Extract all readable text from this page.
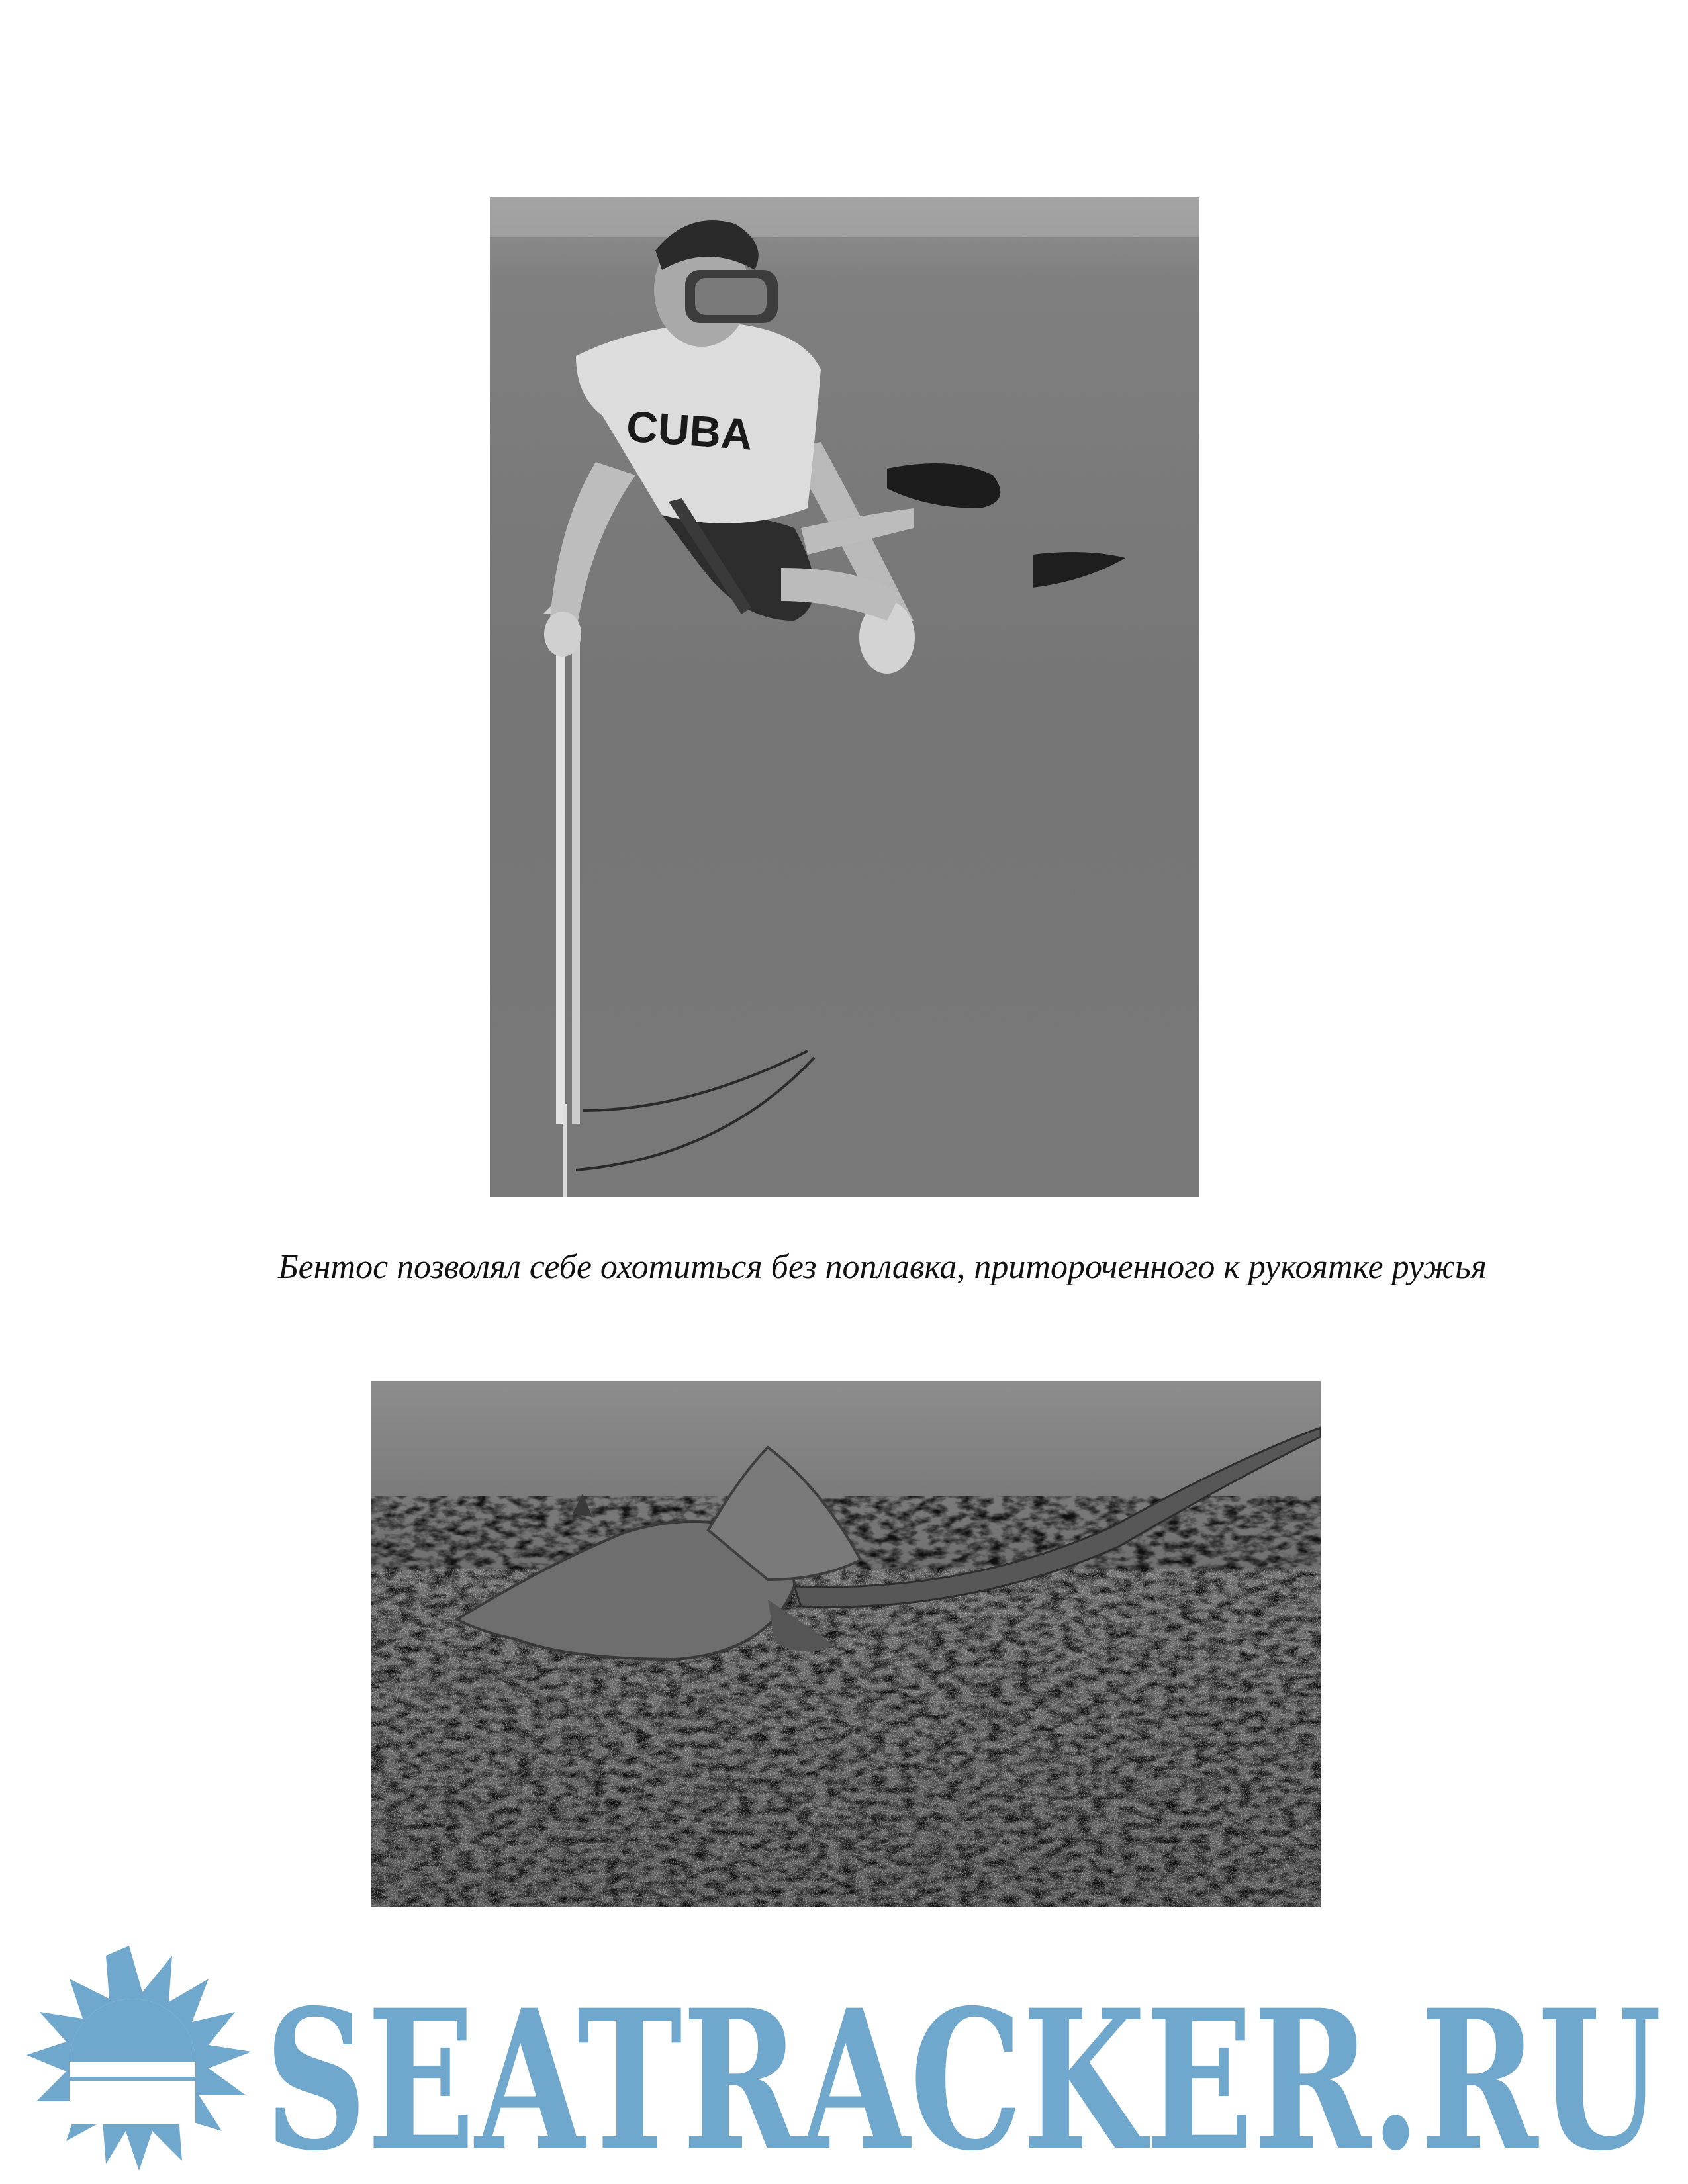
CUBA

Бентос позволял себе охотиться без поплавка, притороченного к рукоятке ружья

SEATRACKER.RU
